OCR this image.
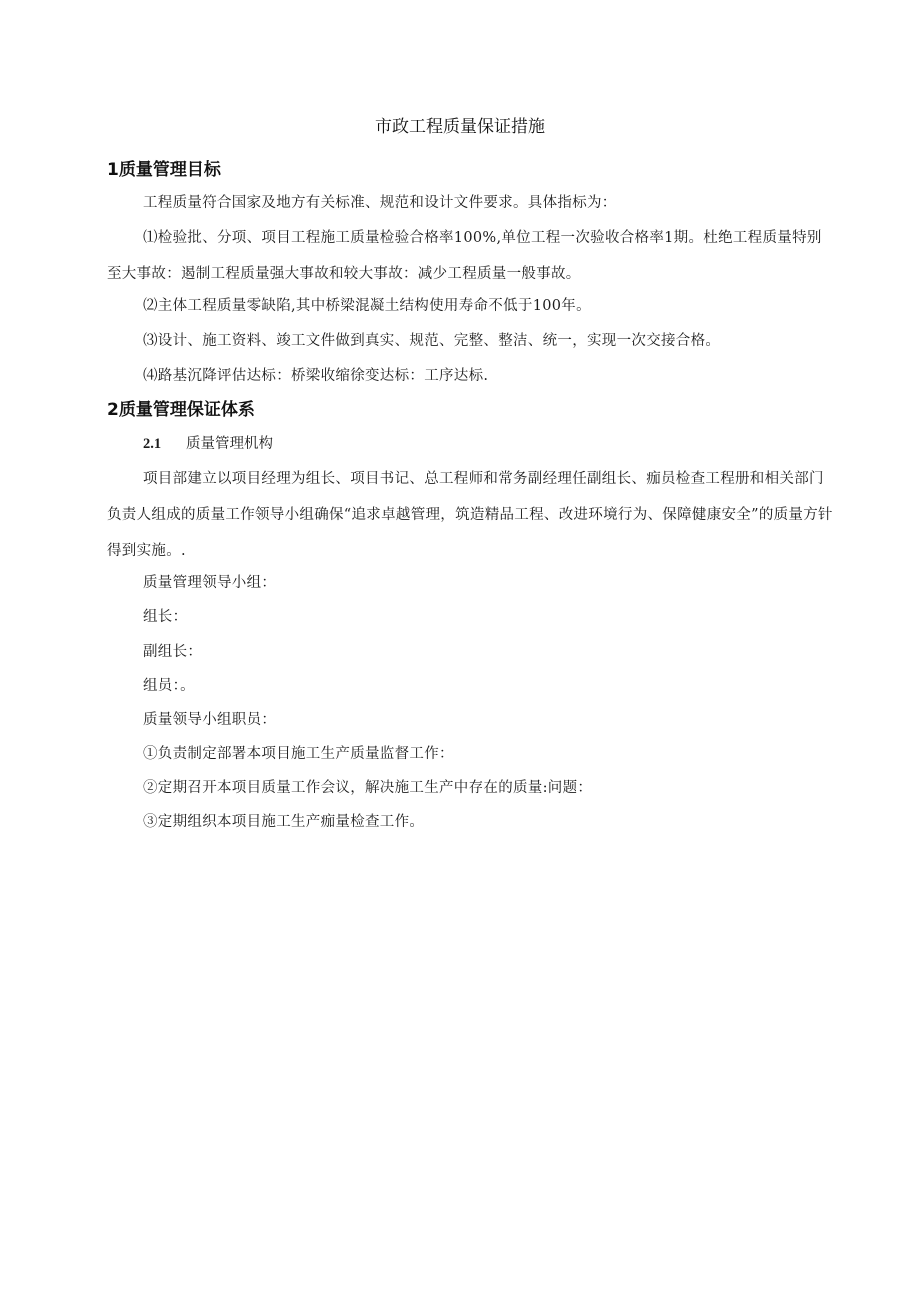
市政工程质量保证措施
1质量管理目标
工程质量符合国家及地方有关标准、规范和设计文件要求。具体指标为：
⑴检验批、分项、项目工程施工质量检验合格率100%,单位工程一次验收合格率1期。杜绝工程质量特别至大事故：遏制工程质量强大事故和较大事故：减少工程质量一般事故。
⑵主体工程质量零缺陷,其中桥梁混凝土结构使用寿命不低于100年。
⑶设计、施工资料、竣工文件做到真实、规范、完整、整洁、统一，实现一次交接合格。
⑷路基沉降评估达标：桥梁收缩徐变达标：工序达标.
2质量管理保证体系
2.1 质量管理机构
项目部建立以项目经理为组长、项目书记、总工程师和常务副经理任副组长、痂员检查工程册和相关部门负责人组成的质量工作领导小组确保“追求卓越管理，筑造精品工程、改进环境行为、保障健康安全”的质量方针得到实施。.
质量管理领导小组：
组长：
副组长：
组员：。
质量领导小组职员：
①负责制定部署本项目施工生产质量监督工作：
②定期召开本项目质量工作会议，解决施工生产中存在的质量:问题：
③定期组织本项目施工生产痂量检查工作。
